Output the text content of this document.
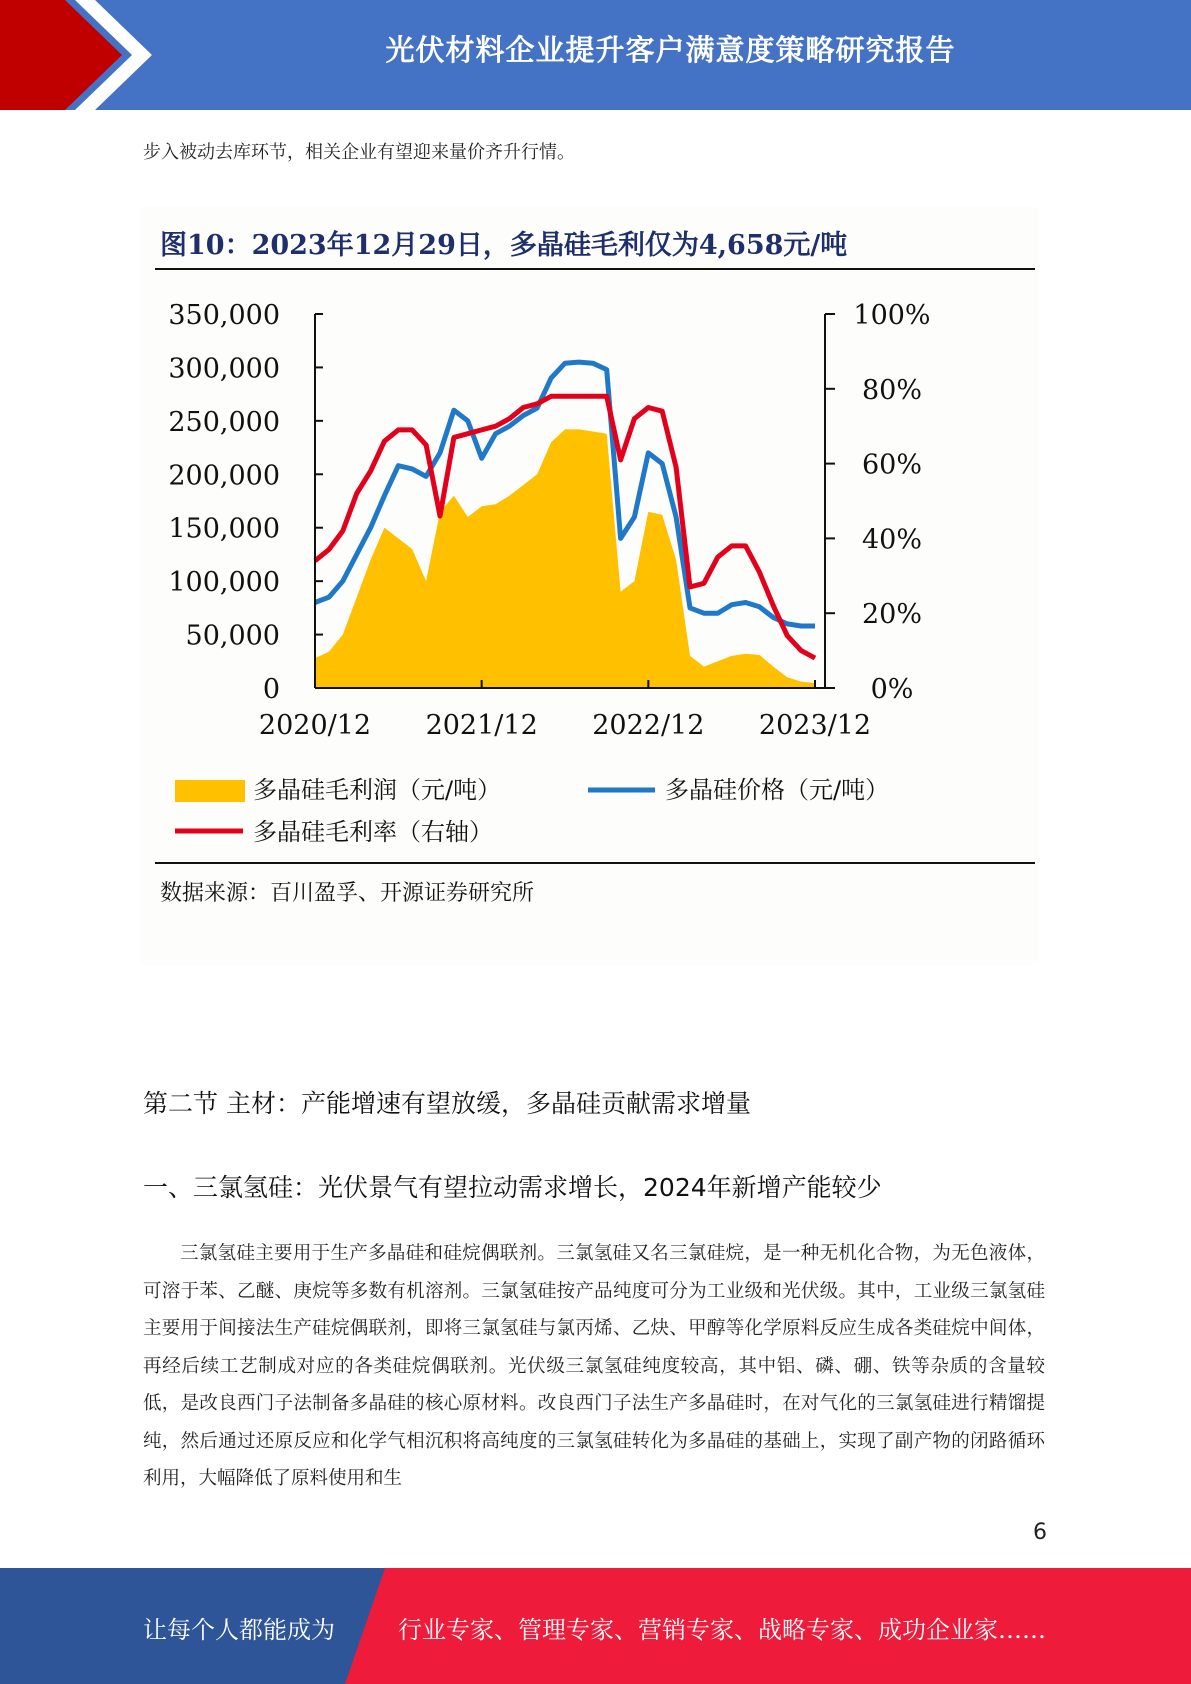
光伏材料企业提升客户满意度策略研究报告
步入被动去库环节，相关企业有望迎来量价齐升行情。
图10：2023年12月29日，多晶硅毛利仅为4,658元/吨
350,000
300,000
250,000
200,000
150,000
100,000
50,000
0
100%
80%
60%
40%
20%
0%
2020/12 2021/12 2022/12 2023/12
多晶硅毛利润（元/吨）	多晶硅价格（元/吨）
多晶硅毛利率（右轴）
数据来源：百川盈孚、开源证券研究所
第二节 主材：产能增速有望放缓，多晶硅贡献需求增量
一、三氯氢硅：光伏景气有望拉动需求增长，2024年新增产能较少
三氯氢硅主要用于生产多晶硅和硅烷偶联剂。三氯氢硅又名三氯硅烷，是一种无机化合物，为无色液体，可溶于苯、乙醚、庚烷等多数有机溶剂。三氯氢硅按产品纯度可分为工业级和光伏级。其中，工业级三氯氢硅主要用于间接法生产硅烷偶联剂，即将三氯氢硅与氯丙烯、乙炔、甲醇等化学原料反应生成各类硅烷中间体，再经后续工艺制成对应的各类硅烷偶联剂。光伏级三氯氢硅纯度较高，其中铝、磷、硼、铁等杂质的含量较低，是改良西门子法制备多晶硅的核心原材料。改良西门子法生产多晶硅时，在对气化的三氯氢硅进行精馏提纯，然后通过还原反应和化学气相沉积将高纯度的三氯氢硅转化为多晶硅的基础上，实现了副产物的闭路循环利用，大幅降低了原料使用和生
6
让每个人都能成为	行业专家、管理专家、营销专家、战略专家、成功企业家……
